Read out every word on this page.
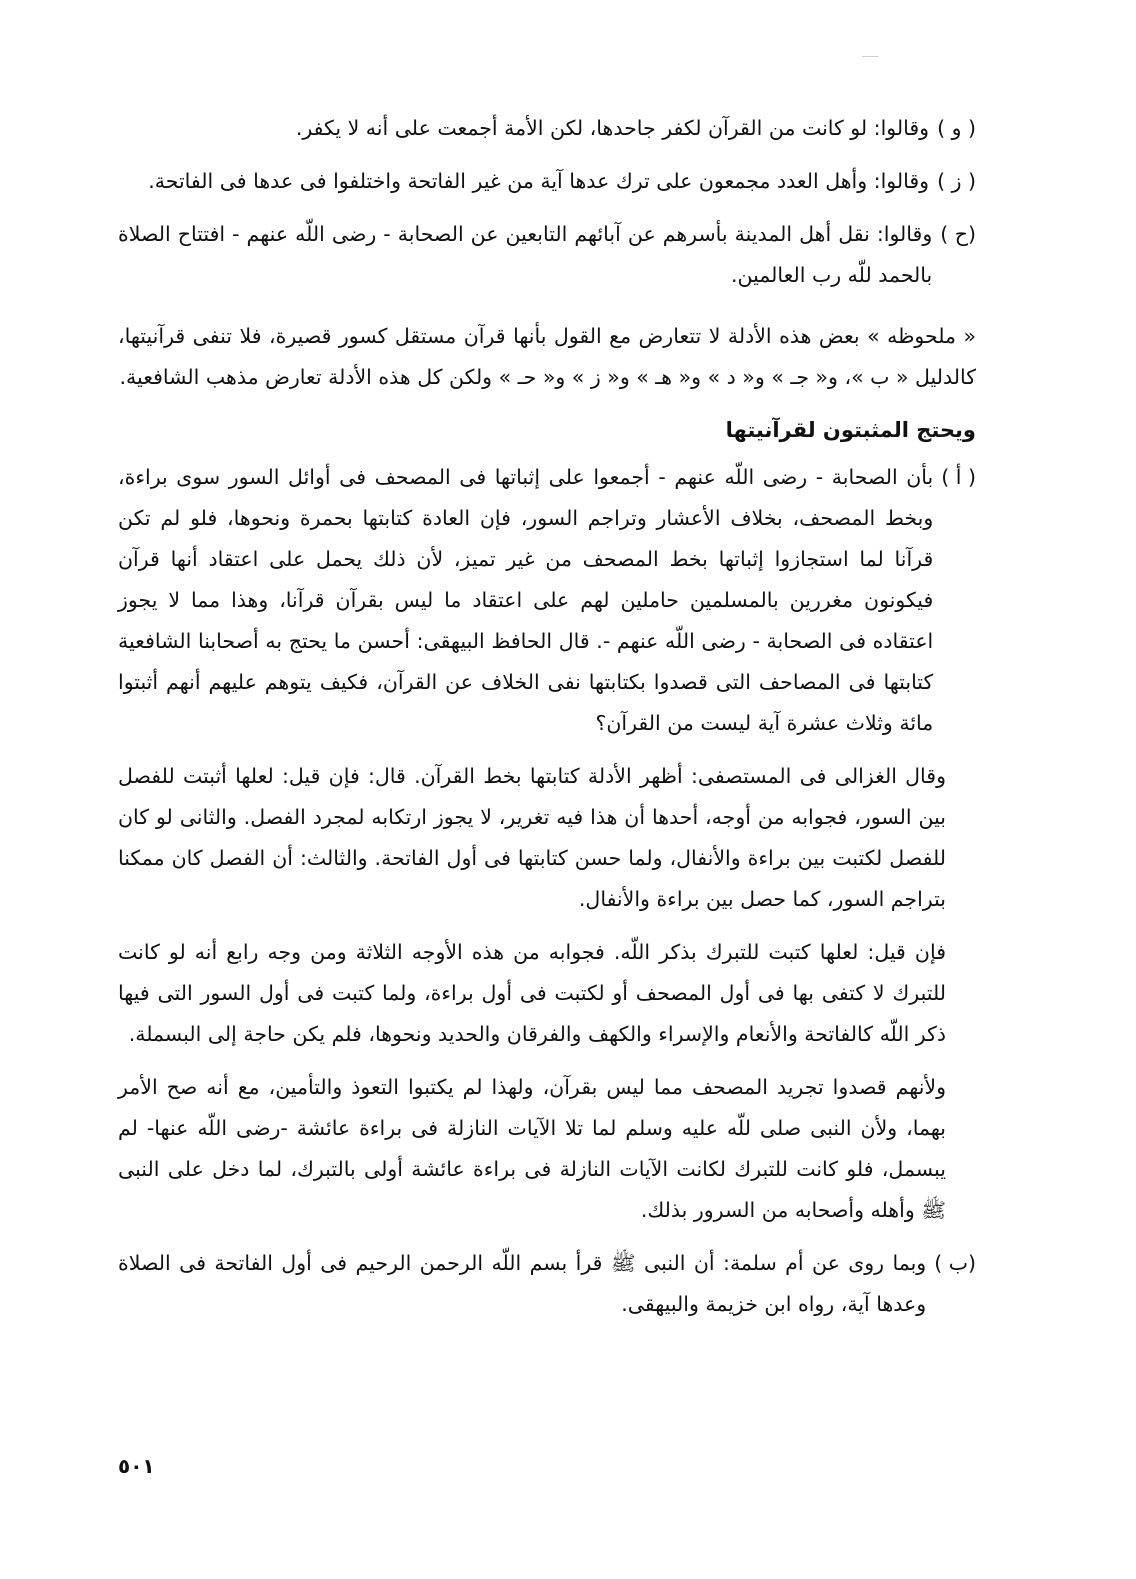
( و )
وقالوا: لو كانت من القرآن لكفر جاحدها، لكن الأمة أجمعت على أنه لا يكفر.
( ز )
وقالوا: وأهل العدد مجمعون على ترك عدها آية من غير الفاتحة واختلفوا فى عدها فى الفاتحة.
(ح )
وقالوا: نقل أهل المدينة بأسرهم عن آبائهم التابعين عن الصحابة - رضى اللّه عنهم - افتتاح الصلاة بالحمد للّه رب العالمين.

« ملحوظه » بعض هذه الأدلة لا تتعارض مع القول بأنها قرآن مستقل كسور قصيرة، فلا تنفى قرآنيتها، كالدليل « ب »، و« جـ » و« د » و« هـ » و« ز » و« حـ » ولكن كل هذه الأدلة تعارض مذهب الشافعية.

ويحتج المثبتون لقرآنيتها

( أ )
بأن الصحابة - رضى اللّه عنهم - أجمعوا على إثباتها فى المصحف فى أوائل السور سوى براءة، وبخط المصحف، بخلاف الأعشار وتراجم السور، فإن العادة كتابتها بحمرة ونحوها، فلو لم تكن قرآنا لما استجازوا إثباتها بخط المصحف من غير تميز، لأن ذلك يحمل على اعتقاد أنها قرآن فيكونون مغررين بالمسلمين حاملين لهم على اعتقاد ما ليس بقرآن قرآنا، وهذا مما لا يجوز اعتقاده فى الصحابة - رضى اللّه عنهم -. قال الحافظ البيهقى: أحسن ما يحتج به أصحابنا الشافعية كتابتها فى المصاحف التى قصدوا بكتابتها نفى الخلاف عن القرآن، فكيف يتوهم عليهم أنهم أثبتوا مائة وثلاث عشرة آية ليست من القرآن؟

وقال الغزالى فى المستصفى: أظهر الأدلة كتابتها بخط القرآن. قال: فإن قيل: لعلها أثبتت للفصل بين السور، فجوابه من أوجه، أحدها أن هذا فيه تغرير، لا يجوز ارتكابه لمجرد الفصل. والثانى لو كان للفصل لكتبت بين براءة والأنفال، ولما حسن كتابتها فى أول الفاتحة. والثالث: أن الفصل كان ممكنا بتراجم السور، كما حصل بين براءة والأنفال.

فإن قيل: لعلها كتبت للتبرك بذكر اللّه. فجوابه من هذه الأوجه الثلاثة ومن وجه رابع أنه لو كانت للتبرك لا كتفى بها فى أول المصحف أو لكتبت فى أول براءة، ولما كتبت فى أول السور التى فيها ذكر اللّه كالفاتحة والأنعام والإسراء والكهف والفرقان والحديد ونحوها، فلم يكن حاجة إلى البسملة.

ولأنهم قصدوا تجريد المصحف مما ليس بقرآن، ولهذا لم يكتبوا التعوذ والتأمين، مع أنه صح الأمر بهما، ولأن النبى صلى للّه عليه وسلم لما تلا الآيات النازلة فى براءة عائشة -رضى اللّه عنها- لم يبسمل، فلو كانت للتبرك لكانت الآيات النازلة فى براءة عائشة أولى بالتبرك، لما دخل على النبى ﷺ وأهله وأصحابه من السرور بذلك.

(ب )
وبما روى عن أم سلمة: أن النبى ﷺ قرأ بسم اللّه الرحمن الرحيم فى أول الفاتحة فى الصلاة وعدها آية، رواه ابن خزيمة والبيهقى.
٥٠١
